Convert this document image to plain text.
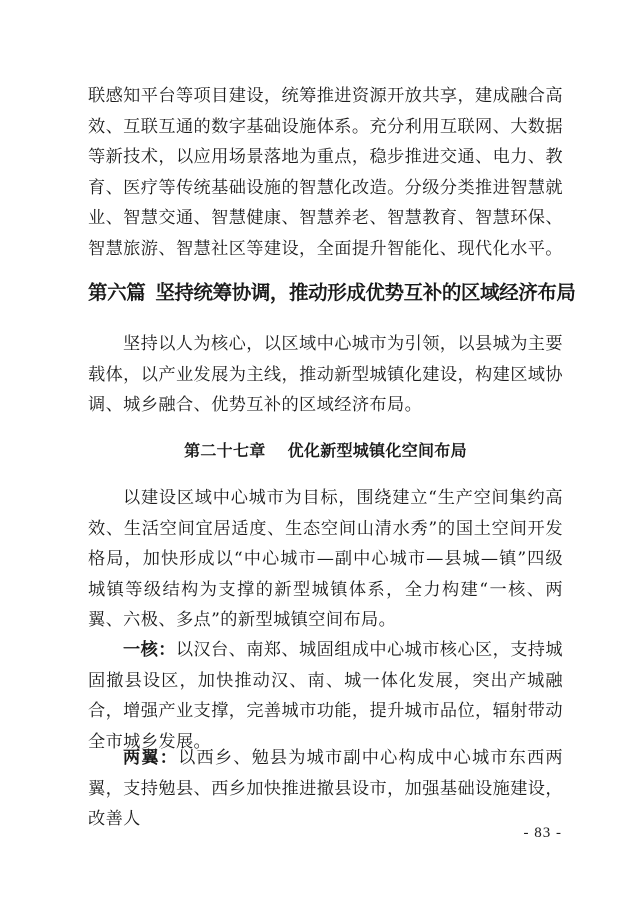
联感知平台等项目建设，统筹推进资源开放共享，建成融合高效、互联互通的数字基础设施体系。充分利用互联网、大数据等新技术，以应用场景落地为重点，稳步推进交通、电力、教育、医疗等传统基础设施的智慧化改造。分级分类推进智慧就业、智慧交通、智慧健康、智慧养老、智慧教育、智慧环保、智慧旅游、智慧社区等建设，全面提升智能化、现代化水平。

第六篇 坚持统筹协调，推动形成优势互补的区域经济布局

坚持以人为核心，以区域中心城市为引领，以县城为主要载体，以产业发展为主线，推动新型城镇化建设，构建区域协调、城乡融合、优势互补的区域经济布局。

第二十七章 优化新型城镇化空间布局

以建设区域中心城市为目标，围绕建立“生产空间集约高效、生活空间宜居适度、生态空间山清水秀”的国土空间开发格局，加快形成以“中心城市—副中心城市—县城—镇”四级城镇等级结构为支撑的新型城镇体系，全力构建“一核、两翼、六极、多点”的新型城镇空间布局。

一核：以汉台、南郑、城固组成中心城市核心区，支持城固撤县设区，加快推动汉、南、城一体化发展，突出产城融合，增强产业支撑，完善城市功能，提升城市品位，辐射带动全市城乡发展。

两翼：以西乡、勉县为城市副中心构成中心城市东西两翼，支持勉县、西乡加快推进撤县设市，加强基础设施建设，改善人

- 83 -
